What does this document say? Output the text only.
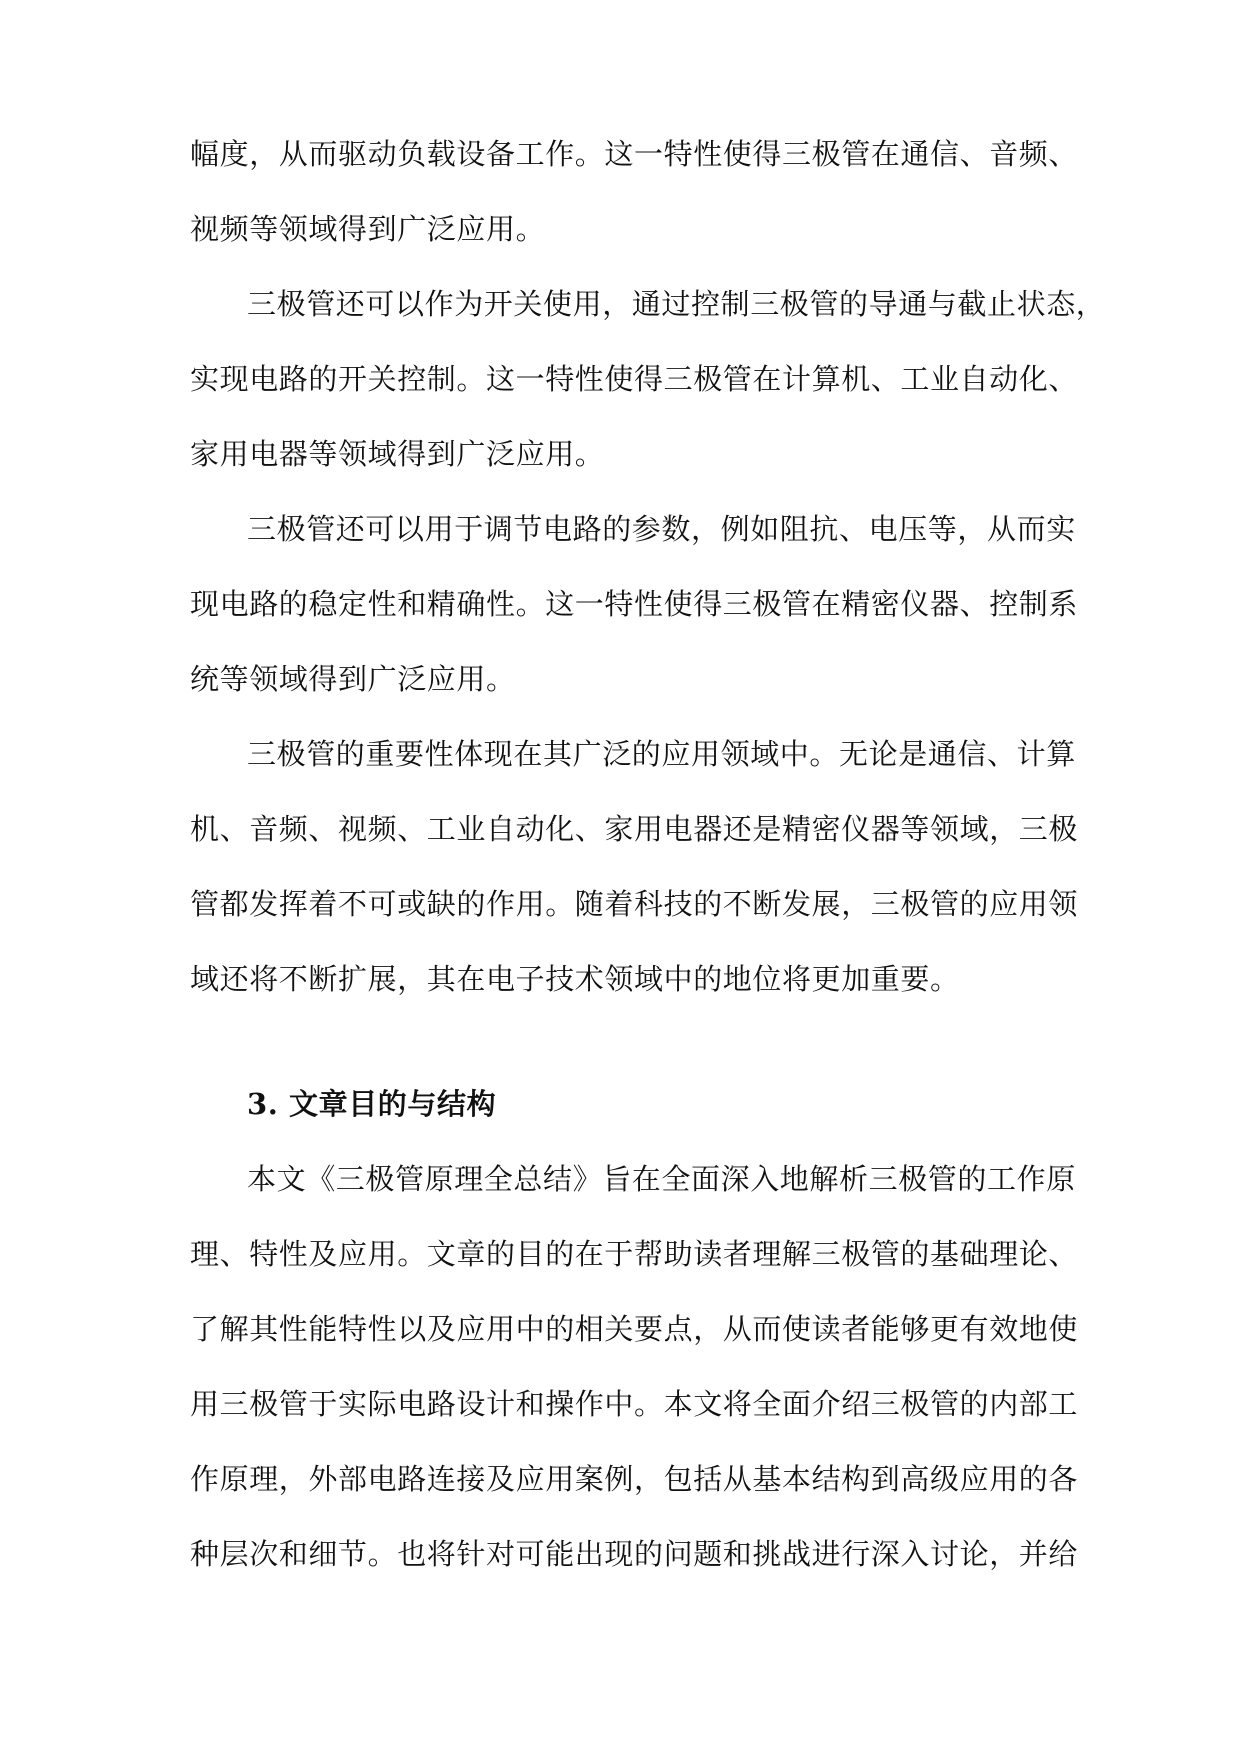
幅度，从而驱动负载设备工作。这一特性使得三极管在通信、音频、
视频等领域得到广泛应用。
三极管还可以作为开关使用，通过控制三极管的导通与截止状态，
实现电路的开关控制。这一特性使得三极管在计算机、工业自动化、
家用电器等领域得到广泛应用。
三极管还可以用于调节电路的参数，例如阻抗、电压等，从而实
现电路的稳定性和精确性。这一特性使得三极管在精密仪器、控制系
统等领域得到广泛应用。
三极管的重要性体现在其广泛的应用领域中。无论是通信、计算
机、音频、视频、工业自动化、家用电器还是精密仪器等领域，三极
管都发挥着不可或缺的作用。随着科技的不断发展，三极管的应用领
域还将不断扩展，其在电子技术领域中的地位将更加重要。
3. 文章目的与结构
本文《三极管原理全总结》旨在全面深入地解析三极管的工作原
理、特性及应用。文章的目的在于帮助读者理解三极管的基础理论、
了解其性能特性以及应用中的相关要点，从而使读者能够更有效地使
用三极管于实际电路设计和操作中。本文将全面介绍三极管的内部工
作原理，外部电路连接及应用案例，包括从基本结构到高级应用的各
种层次和细节。也将针对可能出现的问题和挑战进行深入讨论，并给
